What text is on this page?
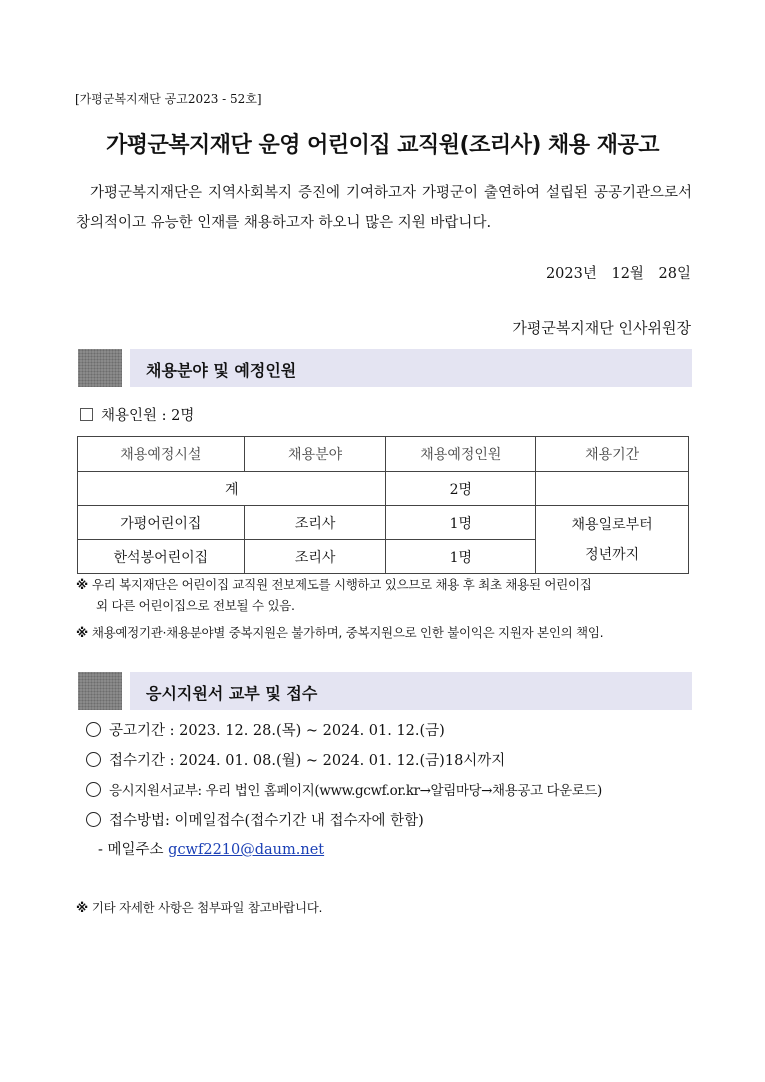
[가평군복지재단 공고2023 - 52호]
가평군복지재단 운영 어린이집 교직원(조리사) 채용 재공고

가평군복지재단은 지역사회복지 증진에 기여하고자 가평군이 출연하여 설립된 공공기관으로서 창의적이고 유능한 인재를 채용하고자 하오니 많은 지원 바랍니다.

2023년 12월 28일
가평군복지재단 인사위원장
채용분야 및 예정인원
채용인원 : 2명
채용예정시설	채용분야	채용예정인원	채용기간
계		2명	
가평어린이집	조리사	1명	채용일로부터
정년까지
한석봉어린이집	조리사	1명	
※ 우리 복지재단은 어린이집 교직원 전보제도를 시행하고 있으므로 채용 후 최초 채용된 어린이집
외 다른 어린이집으로 전보될 수 있음.
※ 채용예정기관·채용분야별 중복지원은 불가하며, 중복지원으로 인한 불이익은 지원자 본인의 책임.
응시지원서 교부 및 접수
공고기간 : 2023. 12. 28.(목) ~ 2024. 01. 12.(금)
접수기간 : 2024. 01. 08.(월) ~ 2024. 01. 12.(금)18시까지
응시지원서교부: 우리 법인 홈페이지(www.gcwf.or.kr→알림마당→채용공고 다운로드)
접수방법: 이메일접수(접수기간 내 접수자에 한함)
- 메일주소 gcwf2210@daum.net
※ 기타 자세한 사항은 첨부파일 참고바랍니다.
